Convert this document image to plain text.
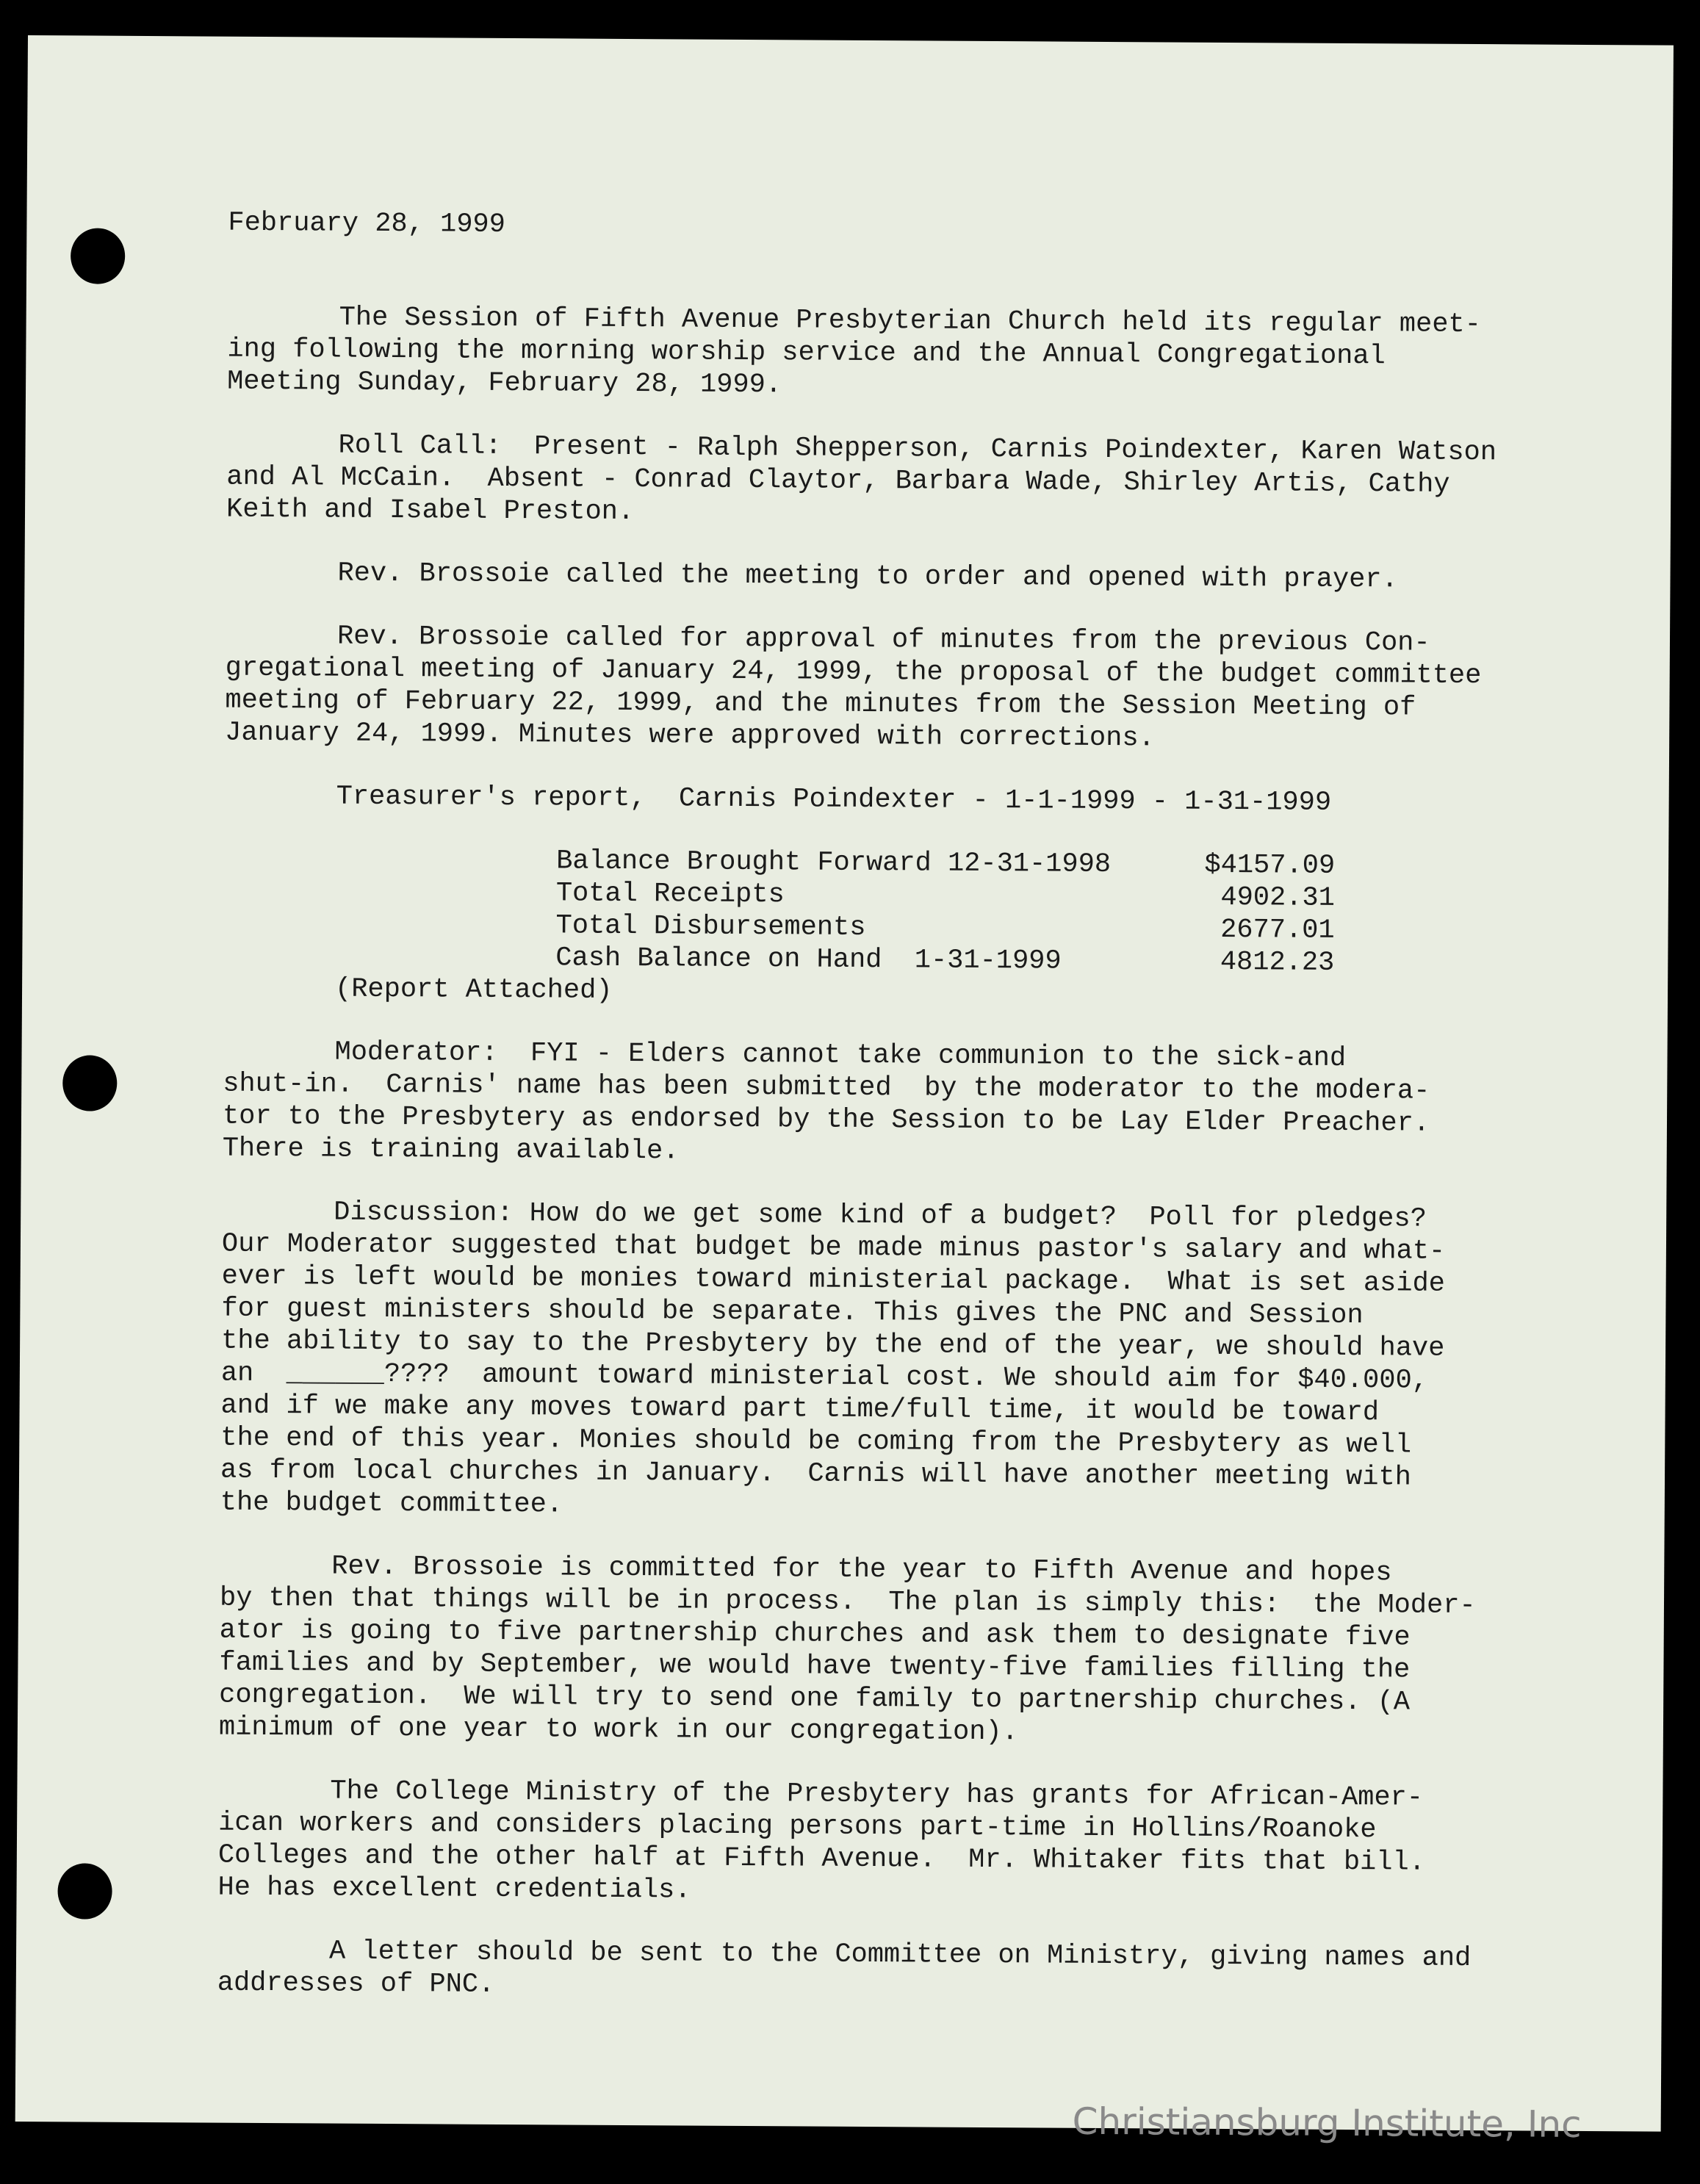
February 28, 1999
The Session of Fifth Avenue Presbyterian Church held its regular meet-
ing following the morning worship service and the Annual Congregational
Meeting Sunday, February 28, 1999.
Roll Call:  Present - Ralph Shepperson, Carnis Poindexter, Karen Watson
and Al McCain.  Absent - Conrad Claytor, Barbara Wade, Shirley Artis, Cathy
Keith and Isabel Preston.
Rev. Brossoie called the meeting to order and opened with prayer.
Rev. Brossoie called for approval of minutes from the previous Con-
gregational meeting of January 24, 1999, the proposal of the budget committee
meeting of February 22, 1999, and the minutes from the Session Meeting of
January 24, 1999. Minutes were approved with corrections.
Treasurer's report,  Carnis Poindexter - 1-1-1999 - 1-31-1999
Balance Brought Forward 12-31-1998	$4157.09
Total Receipts	4902.31
Total Disbursements	2677.01
Cash Balance on Hand  1-31-1999	4812.23
(Report Attached)
Moderator:  FYI - Elders cannot take communion to the sick-and
shut-in.  Carnis' name has been submitted  by the moderator to the modera-
tor to the Presbytery as endorsed by the Session to be Lay Elder Preacher.
There is training available.
Discussion: How do we get some kind of a budget?  Poll for pledges?
Our Moderator suggested that budget be made minus pastor's salary and what-
ever is left would be monies toward ministerial package.  What is set aside
for guest ministers should be separate. This gives the PNC and Session
the ability to say to the Presbytery by the end of the year, we should have
an  ______????  amount toward ministerial cost. We should aim for $40.000,
and if we make any moves toward part time/full time, it would be toward
the end of this year. Monies should be coming from the Presbytery as well
as from local churches in January.  Carnis will have another meeting with
the budget committee.
Rev. Brossoie is committed for the year to Fifth Avenue and hopes
by then that things will be in process.  The plan is simply this:  the Moder-
ator is going to five partnership churches and ask them to designate five
families and by September, we would have twenty-five families filling the
congregation.  We will try to send one family to partnership churches. (A
minimum of one year to work in our congregation).
The College Ministry of the Presbytery has grants for African-Amer-
ican workers and considers placing persons part-time in Hollins/Roanoke
Colleges and the other half at Fifth Avenue.  Mr. Whitaker fits that bill.
He has excellent credentials.
A letter should be sent to the Committee on Ministry, giving names and
addresses of PNC.
Christiansburg Institute, Inc
